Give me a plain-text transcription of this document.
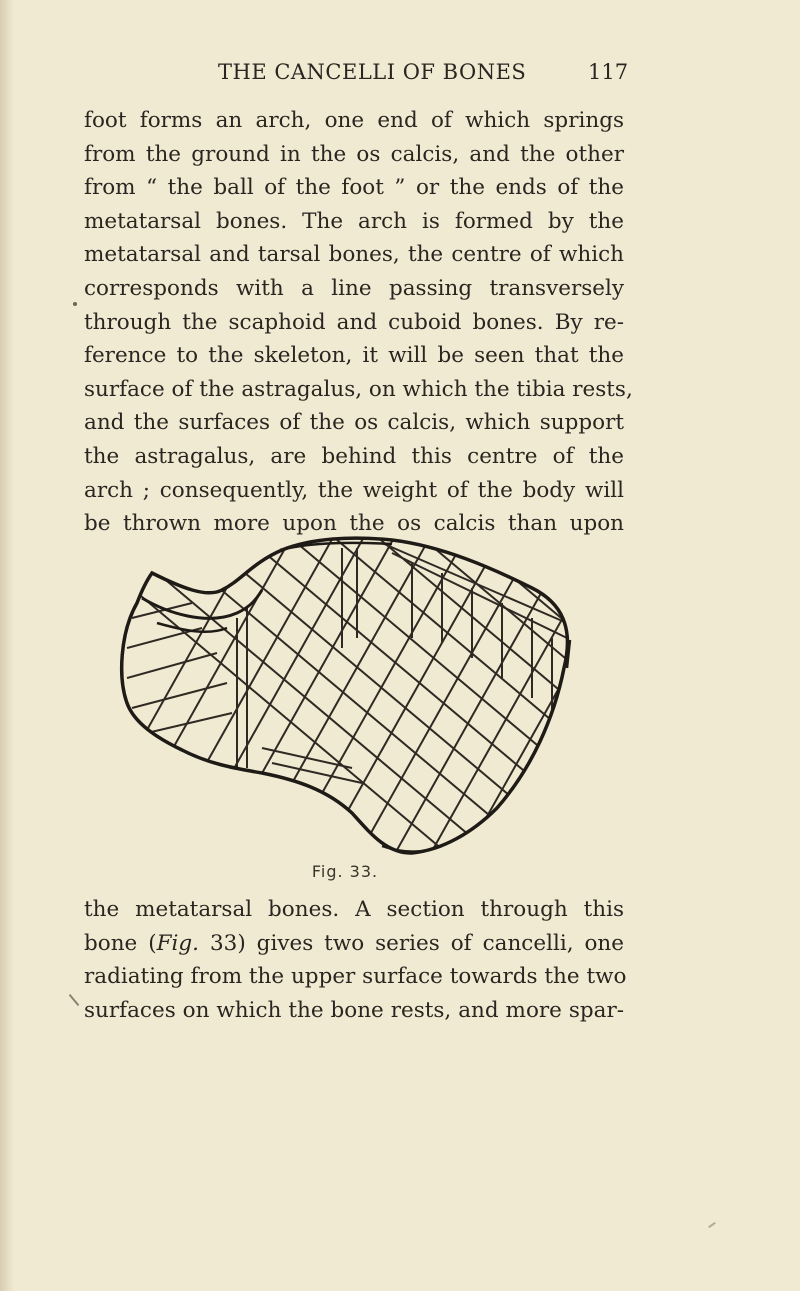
THE CANCELLI OF BONES	117
foot forms an arch, one end of which springs
from the ground in the os calcis, and the other
from “ the ball of the foot ” or the ends of the
metatarsal bones. The arch is formed by the
metatarsal and tarsal bones, the centre of which
corresponds with a line passing transversely
through the scaphoid and cuboid bones. By re-
ference to the skeleton, it will be seen that the
surface of the astragalus, on which the tibia rests,
and the surfaces of the os calcis, which support
the astragalus, are behind this centre of the
arch ; consequently, the weight of the body will
be thrown more upon the os calcis than upon
Fig. 33.
the metatarsal bones. A section through this
bone (Fig. 33) gives two series of cancelli, one
radiating from the upper surface towards the two
surfaces on which the bone rests, and more spar-
